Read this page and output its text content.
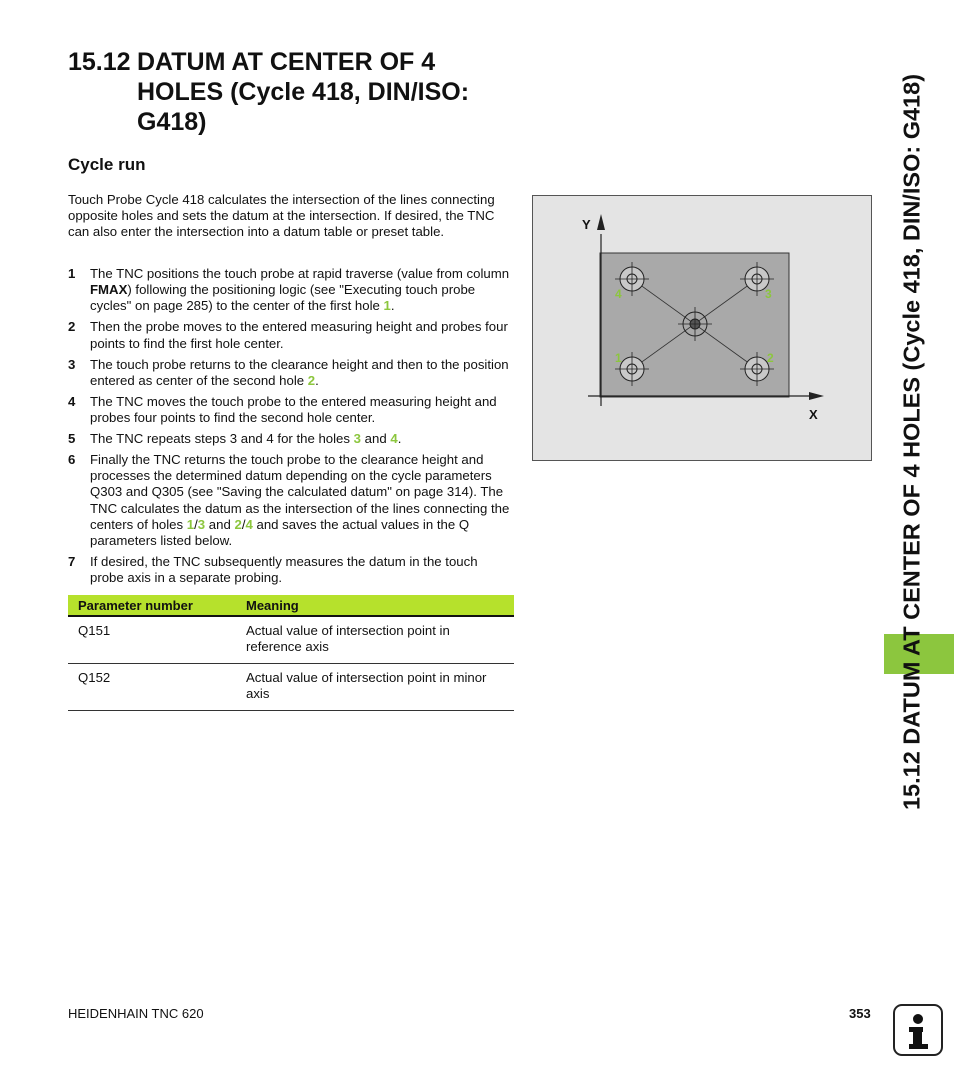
15.12 DATUM AT CENTER OF 4 HOLES (Cycle 418, DIN/ISO: G418)
Cycle run

Touch Probe Cycle 418 calculates the intersection of the lines connecting opposite holes and sets the datum at the intersection. If desired, the TNC can also enter the intersection into a datum table or preset table.

1 The TNC positions the touch probe at rapid traverse (value from column FMAX) following the positioning logic (see "Executing touch probe cycles" on page 285) to the center of the first hole 1.
2 Then the probe moves to the entered measuring height and probes four points to find the first hole center.
3 The touch probe returns to the clearance height and then to the position entered as center of the second hole 2.
4 The TNC moves the touch probe to the entered measuring height and probes four points to find the second hole center.
5 The TNC repeats steps 3 and 4 for the holes 3 and 4.
6 Finally the TNC returns the touch probe to the clearance height and processes the determined datum depending on the cycle parameters Q303 and Q305 (see "Saving the calculated datum" on page 314). The TNC calculates the datum as the intersection of the lines connecting the centers of holes 1/3 and 2/4 and saves the actual values in the Q parameters listed below.
7 If desired, the TNC subsequently measures the datum in the touch probe axis in a separate probing.
Parameter number	Meaning
Q151	Actual value of intersection point in reference axis
Q152	Actual value of intersection point in minor axis
Y
X
4	3
1	2	15.12 DATUM AT CENTER OF 4 HOLES (Cycle 418, DIN/ISO: G418)
HEIDENHAIN TNC 620	353
